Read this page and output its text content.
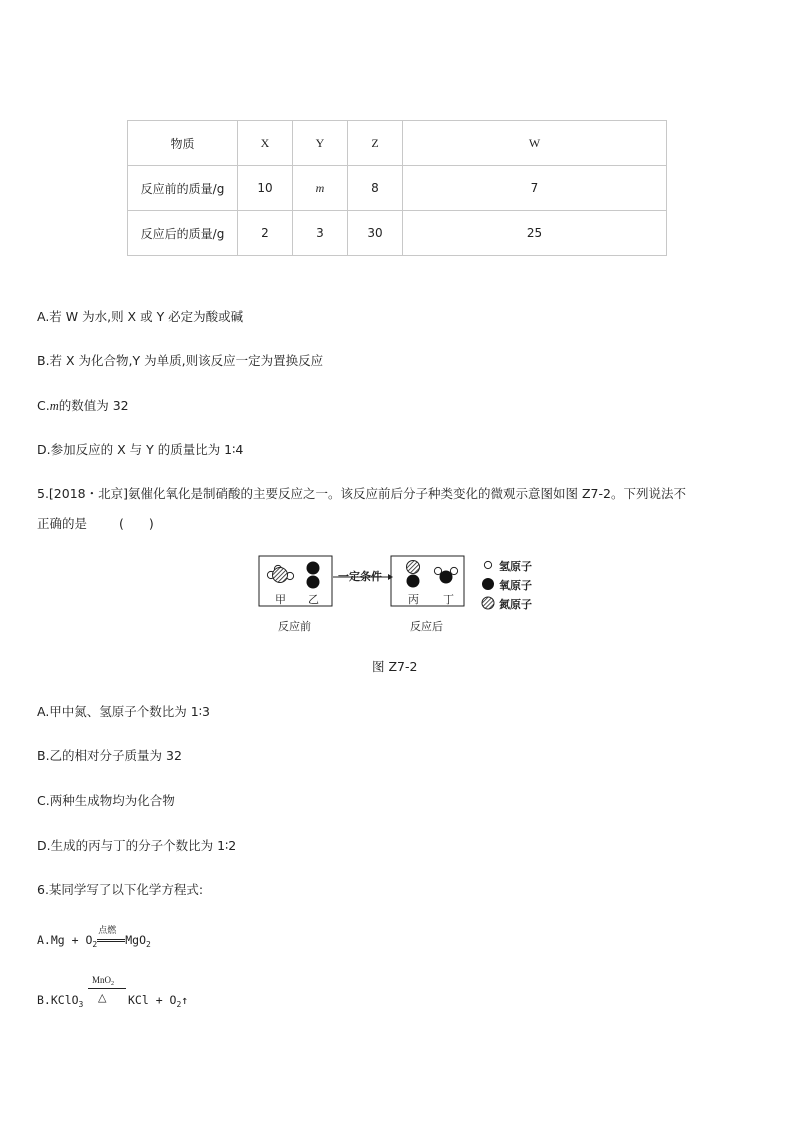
物质	X	Y	Z	W
反应前的质量/g	10	m	8	7
反应后的质量/g	2	3	30	25
A.若 W 为水,则 X 或 Y 必定为酸或碱
B.若 X 为化合物,Y 为单质,则该反应一定为置换反应
C.m的数值为 32
D.参加反应的 X 与 Y 的质量比为 1∶4
5.[2018・北京]氨催化氧化是制硝酸的主要反应之一。该反应前后分子种类变化的微观示意图如图 Z7-2。下列说法不
正确的是	(　　)
一定条件
甲 乙	丙 丁
反应前	反应后
氢原子
氧原子
氮原子
图 Z7-2
A.甲中氮、氢原子个数比为 1∶3
B.乙的相对分子质量为 32
C.两种生成物均为化合物
D.生成的丙与丁的分子个数比为 1∶2
6.某同学写了以下化学方程式:
$A.Mg + O_2$
点燃
MgO$_2$
B.KClO$_3$
MnO$_2$
△ KCl + $O_2↑$
